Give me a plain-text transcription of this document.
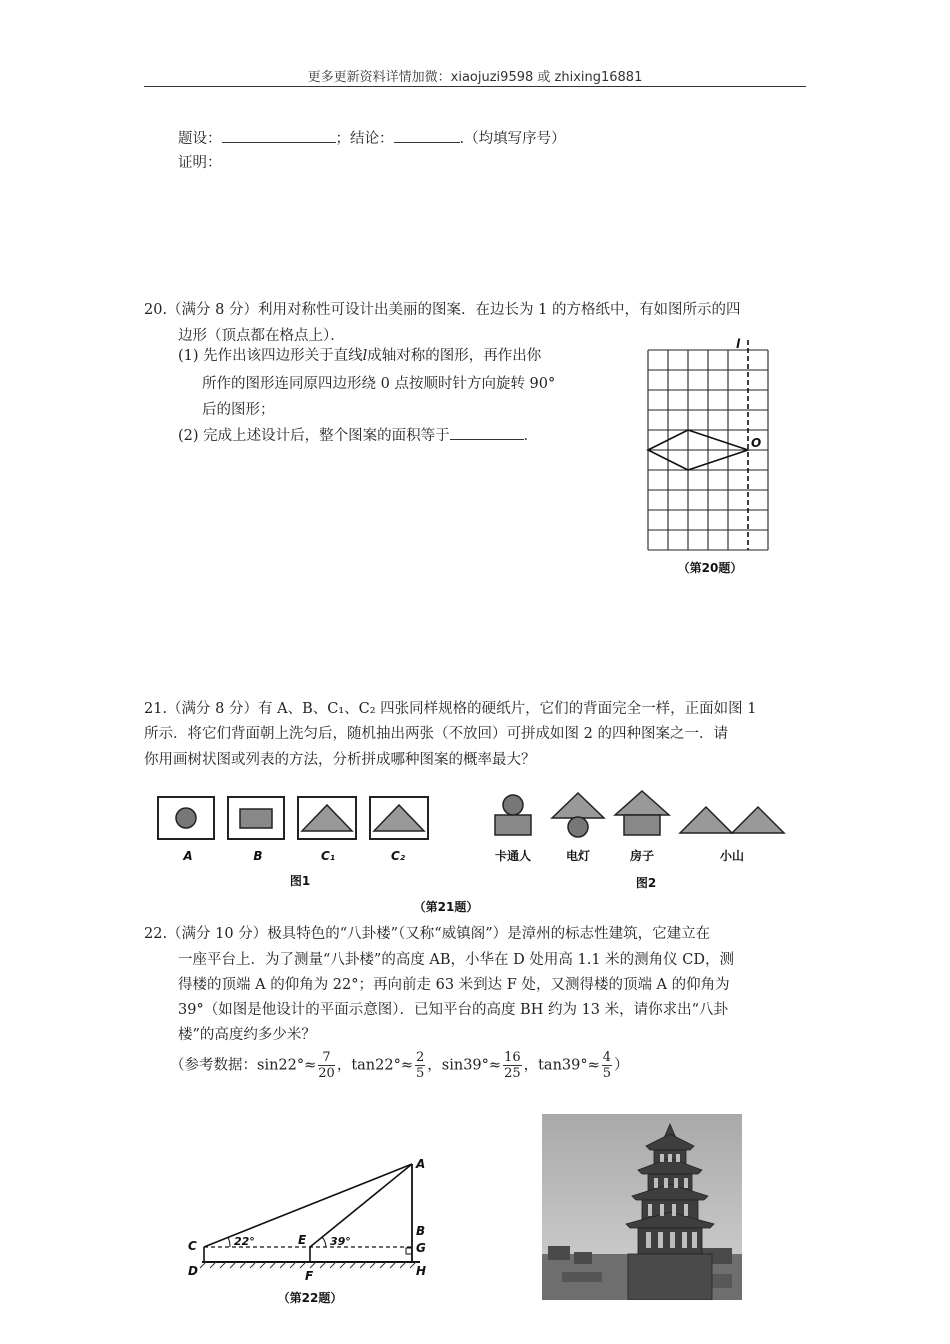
更多更新资料详情加微：xiaojuzi9598 或 zhixing16881
题设：	；结论：	.（均填写序号）
证明：
20.（满分 8 分）利用对称性可设计出美丽的图案．在边长为 1 的方格纸中，有如图所示的四
边形（顶点都在格点上）．
(1) 先作出该四边形关于直线l成轴对称的图形，再作出你
所作的图形连同原四边形绕 0 点按顺时针方向旋转 90°
后的图形；
(2) 完成上述设计后，整个图案的面积等于	．
l
O
（第20题）
21.（满分 8 分）有 A、B、C₁、C₂ 四张同样规格的硬纸片，它们的背面完全一样，正面如图 1
所示．将它们背面朝上洗匀后，随机抽出两张（不放回）可拼成如图 2 的四种图案之一．请
你用画树状图或列表的方法，分析拼成哪种图案的概率最大？
A	B	C₁	C₂
图1
卡通人	电灯	房子	小山
图2
（第21题）
22.（满分 10 分）极具特色的“八卦楼”（又称“威镇阁”）是漳州的标志性建筑，它建立在
一座平台上．为了测量“八卦楼”的高度 AB，小华在 D 处用高 1.1 米的测角仪 CD，测
得楼的顶端 A 的仰角为 22°；再向前走 63 米到达 F 处，又测得楼的顶端 A 的仰角为
39°（如图是他设计的平面示意图）．已知平台的高度 BH 约为 13 米，请你求出“八卦
楼”的高度约多少米？
（参考数据：$\sin 22^\circ\approx \frac{7}{20}$ ，$\tan 22^\circ\approx \frac{2}{5}$ ，$\sin 39^\circ\approx \frac{16}{25}$ ，$\tan 39^\circ\approx \frac{4}{5}$ ）
A
B
C
D
E
F
G
H
22°	39°
（第22题）
